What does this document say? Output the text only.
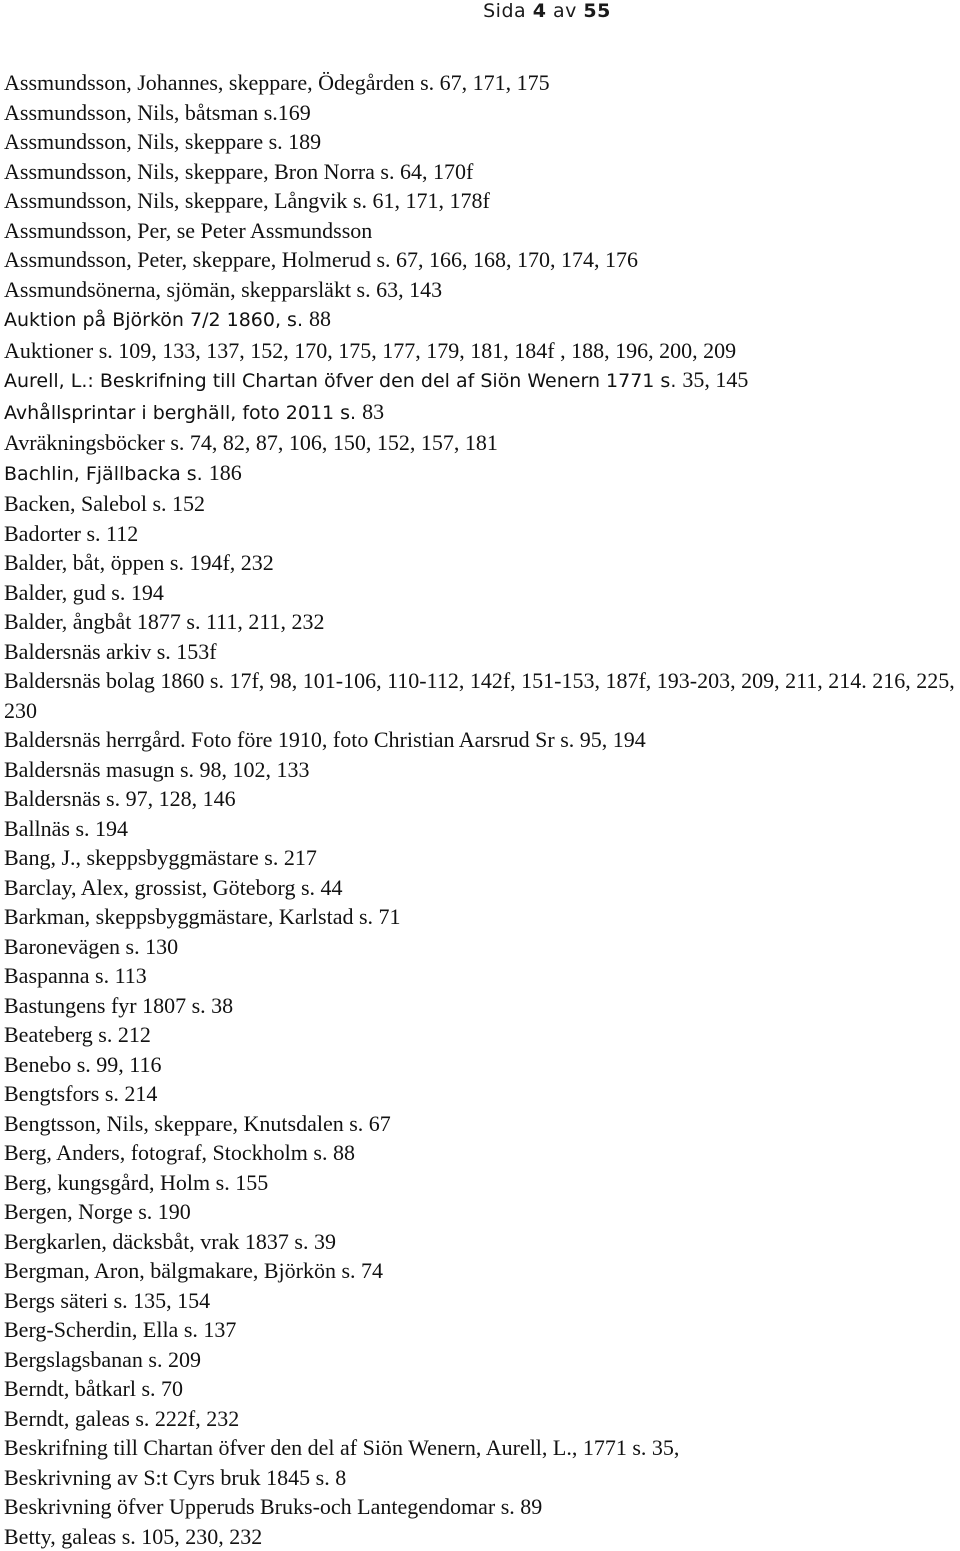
Sida 4 av 55
Assmundsson, Johannes, skeppare, Ödegården s. 67, 171, 175
Assmundsson, Nils, båtsman s.169
Assmundsson, Nils, skeppare s. 189
Assmundsson, Nils, skeppare, Bron Norra s. 64, 170f
Assmundsson, Nils, skeppare, Långvik s. 61, 171, 178f
Assmundsson, Per, se Peter Assmundsson
Assmundsson, Peter, skeppare, Holmerud s. 67, 166, 168, 170, 174, 176
Assmundsönerna, sjömän, skepparsläkt s. 63, 143
Auktion på Björkön 7/2 1860, s. 88
Auktioner s. 109, 133, 137, 152, 170, 175, 177, 179, 181, 184f , 188, 196, 200, 209
Aurell, L.: Beskrifning till Chartan öfver den del af Siön Wenern 1771 s. 35, 145
Avhållsprintar i berghäll, foto 2011 s. 83
Avräkningsböcker s. 74, 82, 87, 106, 150, 152, 157, 181
Bachlin, Fjällbacka s. 186
Backen, Salebol s. 152
Badorter s. 112
Balder, båt, öppen s. 194f, 232
Balder, gud s. 194
Balder, ångbåt 1877 s. 111, 211, 232
Baldersnäs arkiv s. 153f
Baldersnäs bolag 1860 s. 17f, 98, 101-106, 110-112, 142f, 151-153, 187f, 193-203, 209, 211, 214. 216, 225, 230
Baldersnäs herrgård. Foto före 1910, foto Christian Aarsrud Sr s. 95, 194
Baldersnäs masugn s. 98, 102, 133
Baldersnäs s. 97, 128, 146
Ballnäs s. 194
Bang, J., skeppsbyggmästare s. 217
Barclay, Alex, grossist, Göteborg s. 44
Barkman, skeppsbyggmästare, Karlstad s. 71
Baronevägen s. 130
Baspanna s. 113
Bastungens fyr 1807 s. 38
Beateberg s. 212
Benebo s. 99, 116
Bengtsfors s. 214
Bengtsson, Nils, skeppare, Knutsdalen s. 67
Berg, Anders, fotograf, Stockholm s. 88
Berg, kungsgård, Holm s. 155
Bergen, Norge s. 190
Bergkarlen, däcksbåt, vrak 1837 s. 39
Bergman, Aron, bälgmakare, Björkön s. 74
Bergs säteri s. 135, 154
Berg-Scherdin, Ella s. 137
Bergslagsbanan s. 209
Berndt, båtkarl s. 70
Berndt, galeas s. 222f, 232
Beskrifning till Chartan öfver den del af Siön Wenern, Aurell, L., 1771 s. 35,
Beskrivning av S:t Cyrs bruk 1845 s. 8
Beskrivning öfver Upperuds Bruks-och Lantegendomar s. 89
Betty, galeas s. 105, 230, 232
